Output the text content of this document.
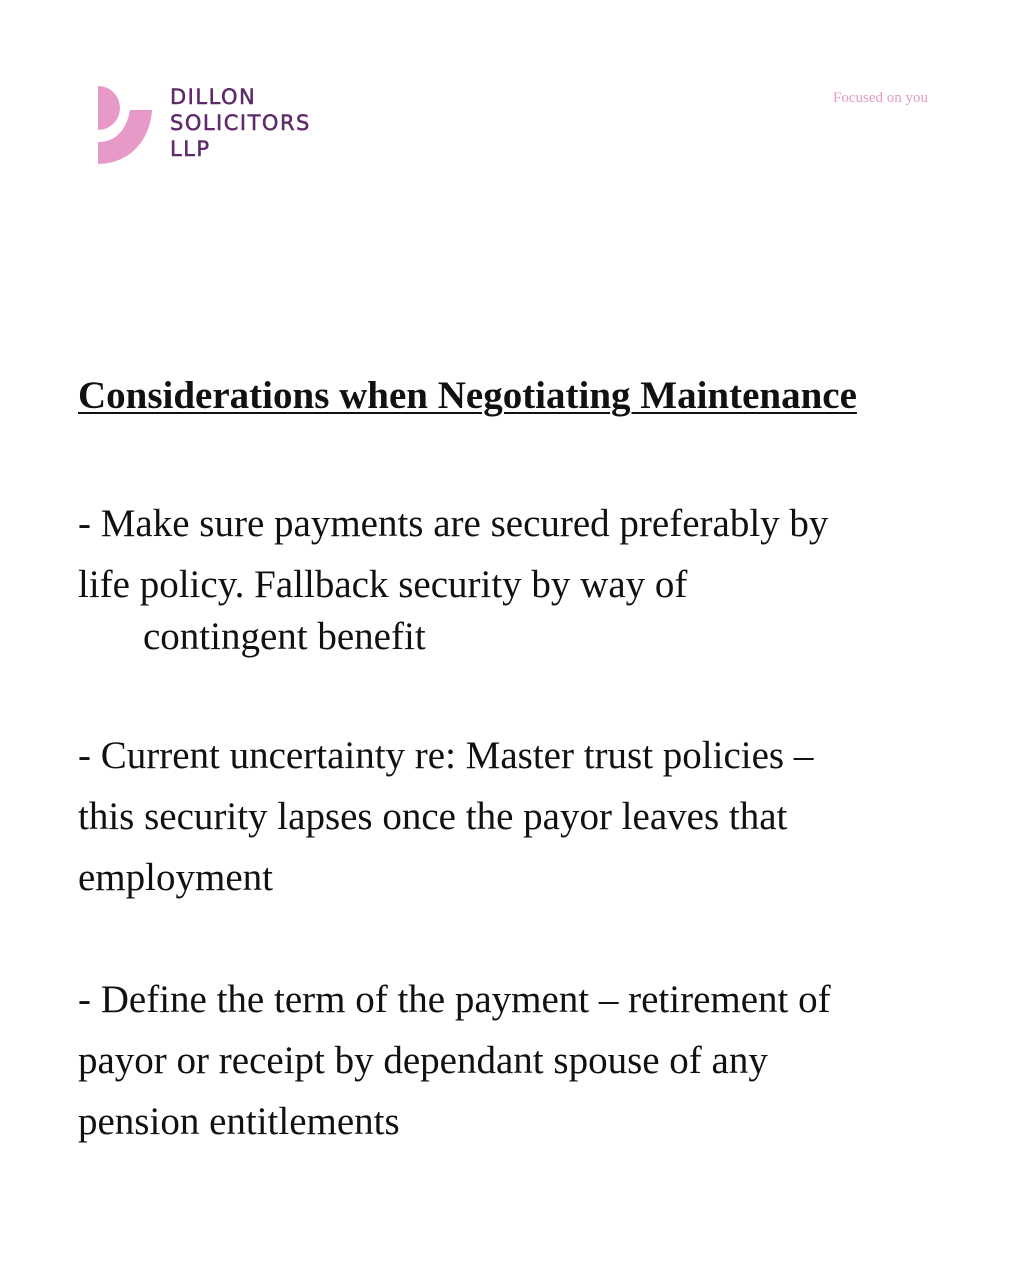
DILLON
SOLICITORS
LLP
Focused on you
Considerations when Negotiating Maintenance
- Make sure payments are secured preferably by
life policy. Fallback security by way of
contingent benefit
- Current uncertainty re: Master trust policies –
this security lapses once the payor leaves that
employment
- Define the term of the payment – retirement of
payor or receipt by dependant spouse of any
pension entitlements
